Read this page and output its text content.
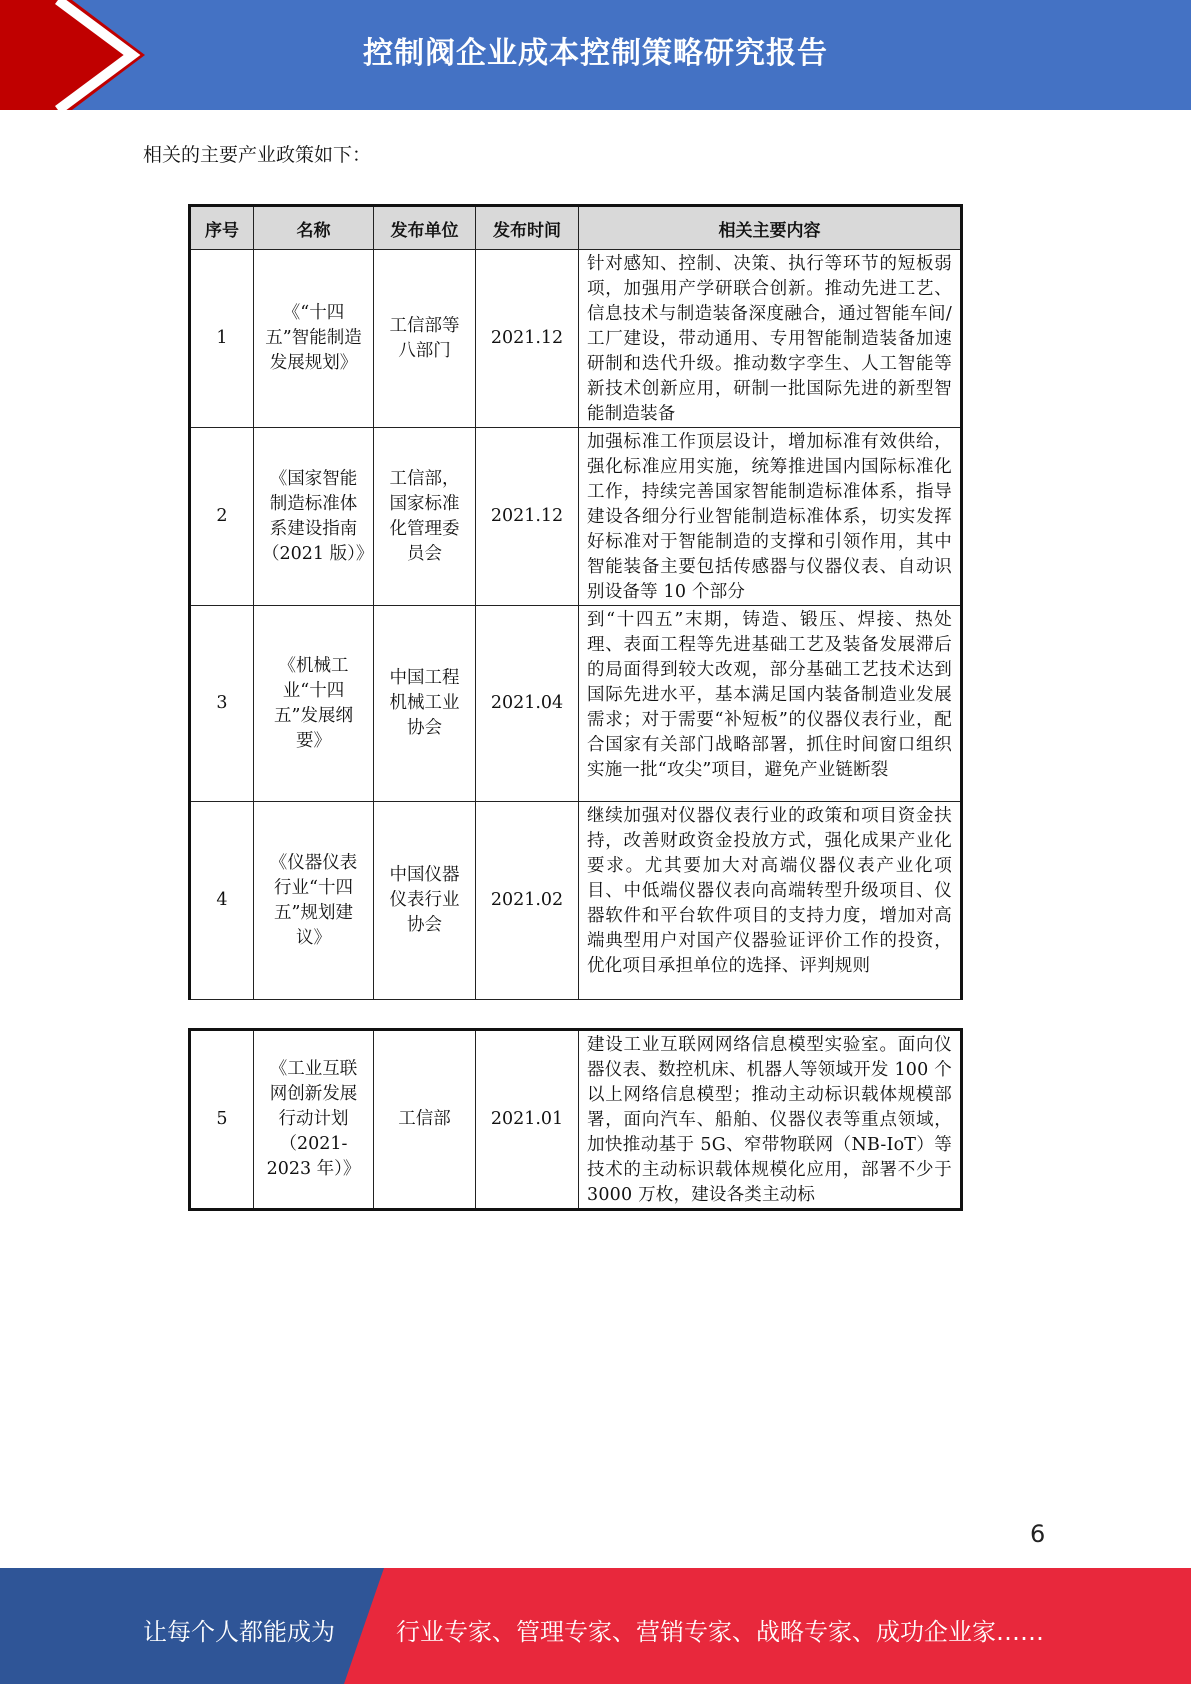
控制阀企业成本控制策略研究报告
相关的主要产业政策如下：
序号	名称	发布单位	发布时间	相关主要内容
1	《“十四五”智能制造发展规划》	工信部等八部门	2021.12	针对感知、控制、决策、执行等环节的短板弱项，加强用产学研联合创新。推动先进工艺、信息技术与制造装备深度融合，通过智能车间/工厂建设，带动通用、专用智能制造装备加速研制和迭代升级。推动数字孪生、人工智能等新技术创新应用，研制一批国际先进的新型智能制造装备
2	《国家智能制造标准体系建设指南（2021 版）》	工信部，国家标准化管理委员会	2021.12	加强标准工作顶层设计，增加标准有效供给，强化标准应用实施，统筹推进国内国际标准化工作，持续完善国家智能制造标准体系，指导建设各细分行业智能制造标准体系，切实发挥好标准对于智能制造的支撑和引领作用，其中智能装备主要包括传感器与仪器仪表、自动识别设备等 10 个部分
3	《机械工业“十四五”发展纲要》	中国工程机械工业协会	2021.04	到“十四五”末期，铸造、锻压、焊接、热处理、表面工程等先进基础工艺及装备发展滞后的局面得到较大改观，部分基础工艺技术达到国际先进水平，基本满足国内装备制造业发展需求；对于需要“补短板”的仪器仪表行业，配合国家有关部门战略部署，抓住时间窗口组织实施一批“攻尖”项目，避免产业链断裂
4	《仪器仪表行业“十四五”规划建议》	中国仪器仪表行业协会	2021.02	继续加强对仪器仪表行业的政策和项目资金扶持，改善财政资金投放方式，强化成果产业化要求。尤其要加大对高端仪器仪表产业化项目、中低端仪器仪表向高端转型升级项目、仪器软件和平台软件项目的支持力度，增加对高端典型用户对国产仪器验证评价工作的投资，优化项目承担单位的选择、评判规则
5	《工业互联网创新发展行动计划（2021-2023 年）》	工信部	2021.01	建设工业互联网网络信息模型实验室。面向仪器仪表、数控机床、机器人等领域开发 100 个以上网络信息模型；推动主动标识载体规模部署，面向汽车、船舶、仪器仪表等重点领域，加快推动基于 5G、窄带物联网（NB-IoT）等技术的主动标识载体规模化应用，部署不少于 3000 万枚，建设各类主动标
6
让每个人都能成为	行业专家、管理专家、营销专家、战略专家、成功企业家……
